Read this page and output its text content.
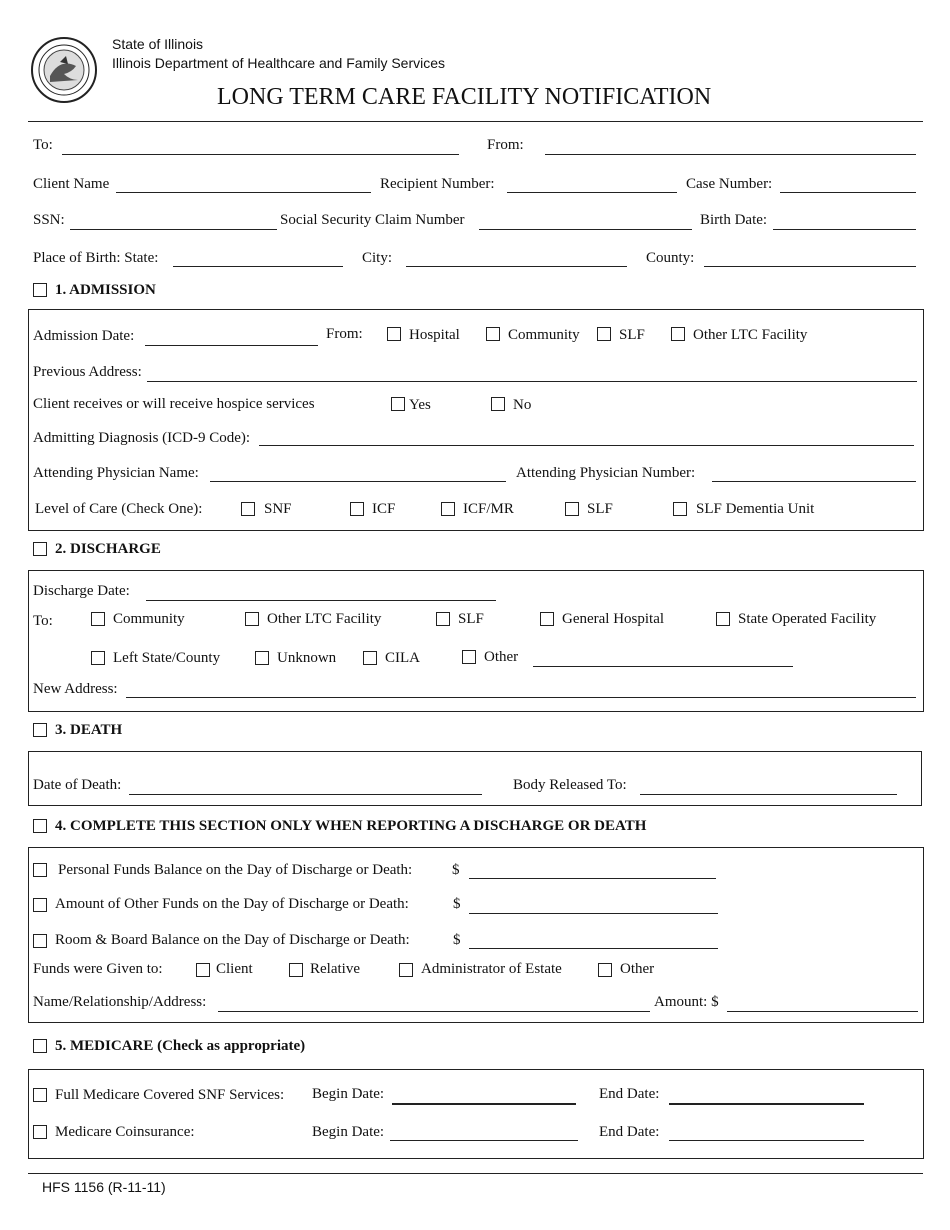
State of Illinois
Illinois Department of Healthcare and Family Services
LONG TERM CARE FACILITY NOTIFICATION
To:	From:
Client Name	Recipient Number:	Case Number:
SSN:	Social Security Claim Number	Birth Date:
Place of Birth: State:	City:	County:
1. ADMISSION
Admission Date:	From:	Hospital	Community	SLF	Other LTC Facility
Previous Address:
Client receives or will receive hospice services	Yes	No
Admitting Diagnosis (ICD-9 Code):
Attending Physician Name:	Attending Physician Number:
Level of Care (Check One):	SNF	ICF	ICF/MR	SLF	SLF Dementia Unit
2. DISCHARGE
Discharge Date:
To:	Community	Other LTC Facility	SLF	General Hospital	State Operated Facility
Left State/County	Unknown	CILA	Other
New Address:
3. DEATH
Date of Death:	Body Released To:
4. COMPLETE THIS SECTION ONLY WHEN REPORTING A DISCHARGE OR DEATH
Personal Funds Balance on the Day of Discharge or Death:	$
Amount of Other Funds on the Day of Discharge or Death:	$
Room & Board Balance on the Day of Discharge or Death:	$
Funds were Given to:	Client	Relative	Administrator of Estate	Other
Name/Relationship/Address:	Amount: $
5. MEDICARE (Check as appropriate)
Full Medicare Covered SNF Services: Begin Date:	End Date:
Medicare Coinsurance:	Begin Date:	End Date:
HFS 1156 (R-11-11)
